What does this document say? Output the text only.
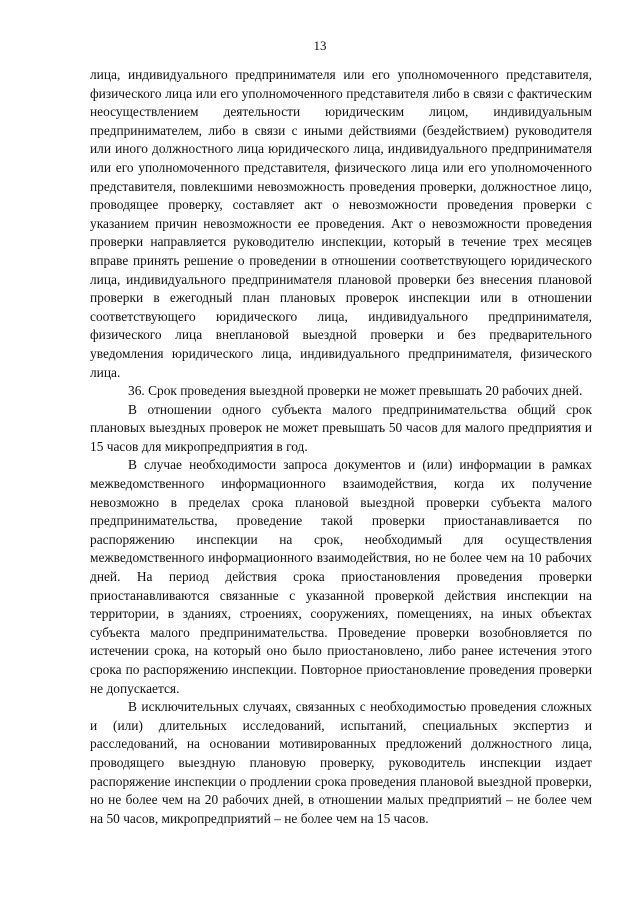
13

лица, индивидуального предпринимателя или его уполномоченного представителя, физического лица или его уполномоченного представителя либо в связи с фактическим неосуществлением деятельности юридическим лицом, индивидуальным предпринимателем, либо в связи с иными действиями (бездействием) руководителя или иного должностного лица юридического лица, индивидуального предпринимателя или его уполномоченного представителя, физического лица или его уполномоченного представителя, повлекшими невозможность проведения проверки, должностное лицо, проводящее проверку, составляет акт о невозможности проведения проверки с указанием причин невозможности ее проведения. Акт о невозможности проведения проверки направляется руководителю инспекции, который в течение трех месяцев вправе принять решение о проведении в отношении соответствующего юридического лица, индивидуального предпринимателя плановой проверки без внесения плановой проверки в ежегодный план плановых проверок инспекции или в отношении соответствующего юридического лица, индивидуального предпринимателя, физического лица внеплановой выездной проверки и без предварительного уведомления юридического лица, индивидуального предпринимателя, физического лица.

36. Срок проведения выездной проверки не может превышать 20 рабочих дней.

В отношении одного субъекта малого предпринимательства общий срок плановых выездных проверок не может превышать 50 часов для малого предприятия и 15 часов для микропредприятия в год.

В случае необходимости запроса документов и (или) информации в рамках межведомственного информационного взаимодействия, когда их получение невозможно в пределах срока плановой выездной проверки субъекта малого предпринимательства, проведение такой проверки приостанавливается по распоряжению инспекции на срок, необходимый для осуществления межведомственного информационного взаимодействия, но не более чем на 10 рабочих дней. На период действия срока приостановления проведения проверки приостанавливаются связанные с указанной проверкой действия инспекции на территории, в зданиях, строениях, сооружениях, помещениях, на иных объектах субъекта малого предпринимательства. Проведение проверки возобновляется по истечении срока, на который оно было приостановлено, либо ранее истечения этого срока по распоряжению инспекции. Повторное приостановление проведения проверки не допускается.

В исключительных случаях, связанных с необходимостью проведения сложных и (или) длительных исследований, испытаний, специальных экспертиз и расследований, на основании мотивированных предложений должностного лица, проводящего выездную плановую проверку, руководитель инспекции издает распоряжение инспекции о продлении срока проведения плановой выездной проверки, но не более чем на 20 рабочих дней, в отношении малых предприятий – не более чем на 50 часов, микропредприятий – не более чем на 15 часов.
